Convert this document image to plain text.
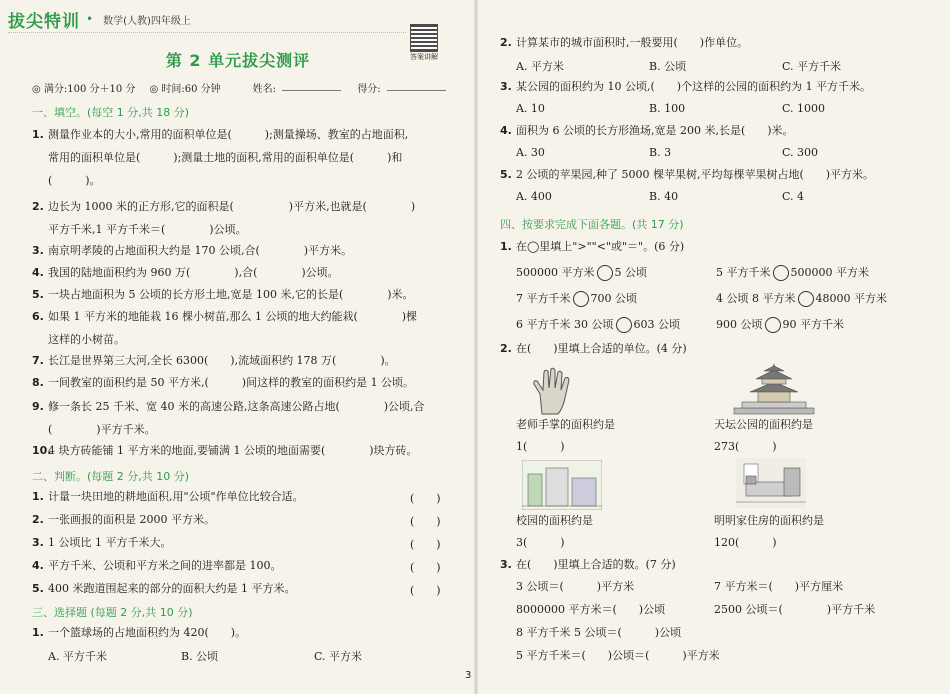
拔尖特训 • 数学(人教)四年级上
答案讲解
第 2 单元拔尖测评
◎ 满分:100 分＋10 分 ◎ 时间:60 分钟	姓名:	得分:
一、填空。(每空 1 分,共 18 分)
1. 测量作业本的大小,常用的面积单位是(　　　);测量操场、教室的占地面积,
常用的面积单位是(　　　);测量土地的面积,常用的面积单位是(　　　)和
(　　　)。
2. 边长为 1000 米的正方形,它的面积是(　　　　　)平方米,也就是(　　　　)
平方千米,1 平方千米＝(　　　　)公顷。
3. 南京明孝陵的占地面积大约是 170 公顷,合(　　　　)平方米。
4. 我国的陆地面积约为 960 万(　　　　),合(　　　　)公顷。
5. 一块占地面积为 5 公顷的长方形土地,宽是 100 米,它的长是(　　　　)米。
6. 如果 1 平方米的地能栽 16 棵小树苗,那么 1 公顷的地大约能栽(　　　　)棵
这样的小树苗。
7. 长江是世界第三大河,全长 6300(　　),流域面积约 178 万(　　　　)。
8. 一间教室的面积约是 50 平方米,(　　　)间这样的教室的面积约是 1 公顷。
9. 修一条长 25 千米、宽 40 米的高速公路,这条高速公路占地(　　　　)公顷,合
(　　　　)平方千米。
10.4 块方砖能铺 1 平方米的地面,要铺满 1 公顷的地面需要(　　　　)块方砖。
二、判断。(每题 2 分,共 10 分)
1. 计量一块田地的耕地面积,用"公顷"作单位比较合适。	(　　)
2. 一张画报的面积是 2000 平方米。	(　　)
3. 1 公顷比 1 平方千米大。	(　　)
4. 平方千米、公顷和平方米之间的进率都是 100。	(　　)
5. 400 米跑道围起来的部分的面积大约是 1 平方米。	(　　)
三、选择题 (每题 2 分,共 10 分)
1. 一个篮球场的占地面积约为 420(　　)。
A. 平方千米	B. 公顷	C. 平方米
2. 计算某市的城市面积时,一般要用(　　)作单位。
A. 平方米	B. 公顷	C. 平方千米
3. 某公园的面积约为 10 公顷,(　　)个这样的公园的面积约为 1 平方千米。
A. 10	B. 100	C. 1000
4. 面积为 6 公顷的长方形渔场,宽是 200 米,长是(　　)米。
A. 30	B. 3	C. 300
5. 2 公顷的苹果园,种了 5000 棵苹果树,平均每棵苹果树占地(　　)平方米。
A. 400	B. 40	C. 4
四、按要求完成下面各题。(共 17 分)
1. 在◯里填上">""<"或"＝"。(6 分)
500000 平方米 5 公顷	5 平方千米 500000 平方米
7 平方千米 700 公顷	4 公顷 8 平方米 48000 平方米
6 平方千米 30 公顷 603 公顷	900 公顷 90 平方千米
2. 在(　　)里填上合适的单位。(4 分)
老师手掌的面积约是
1(　　　)
天坛公园的面积约是
273(　　　)
校园的面积约是
3(　　　)
明明家住房的面积约是
120(　　　)
3. 在(　　)里填上合适的数。(7 分)
3 公顷＝(　　　)平方米	7 平方米＝(　　)平方厘米
8000000 平方米＝(　　)公顷	2500 公顷＝(　　　　)平方千米
8 平方千米 5 公顷＝(　　　)公顷
5 平方千米＝(　　)公顷＝(　　　)平方米
3
